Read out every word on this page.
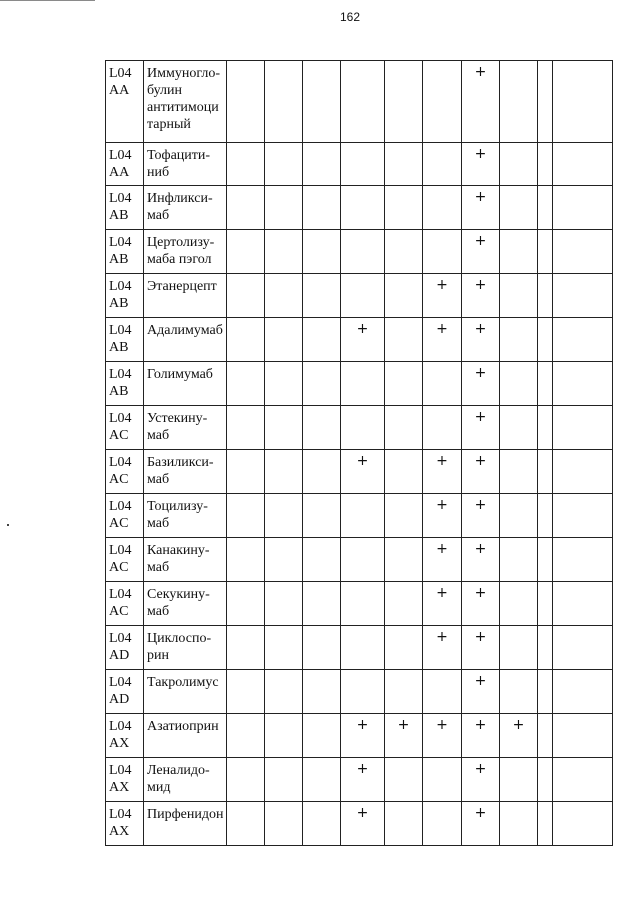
162
L04
AA	Иммуногло-
булин
антитимоци
тарный							+			
L04
AA	Тофацити-
ниб							+			
L04
AB	Инфликси-
маб							+			
L04
AB	Цертолизу-
маба пэгол							+			
L04
AB	Этанерцепт						+	+			
L04
AB	Адалимумаб				+		+	+			
L04
AB	Голимумаб							+			
L04
AC	Устекину-
маб							+			
L04
AC	Базиликси-
маб				+		+	+			
L04
AC	Тоцилизу-
маб						+	+			
L04
AC	Канакину-
маб						+	+			
L04
AC	Секукину-
маб						+	+			
L04
AD	Циклоспо-
рин						+	+			
L04
AD	Такролимус							+			
L04
AX	Азатиоприн				+	+	+	+	+		
L04
AX	Леналидо-
мид				+			+			
L04
AX	Пирфенидон				+			+			
